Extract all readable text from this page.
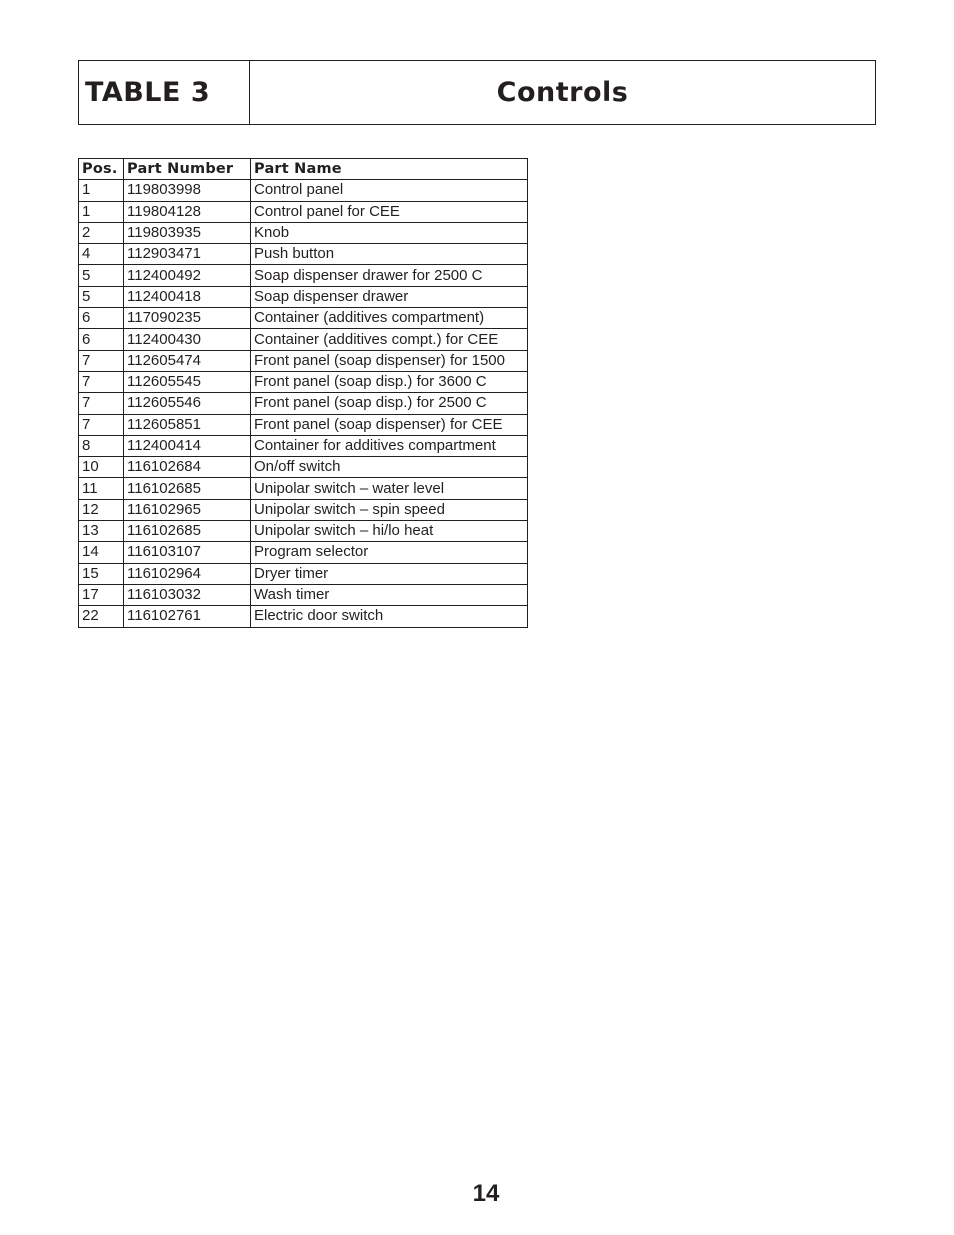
TABLE 3	Controls
Pos.	Part Number	Part Name
1	119803998	Control panel
1	119804128	Control panel for CEE
2	119803935	Knob
4	112903471	Push button
5	112400492	Soap dispenser drawer for 2500 C
5	112400418	Soap dispenser drawer
6	117090235	Container (additives compartment)
6	112400430	Container (additives compt.) for CEE
7	112605474	Front panel (soap dispenser) for 1500
7	112605545	Front panel (soap disp.) for 3600 C
7	112605546	Front panel (soap disp.) for 2500 C
7	112605851	Front panel (soap dispenser) for CEE
8	112400414	Container for additives compartment
10	116102684	On/off switch
11	116102685	Unipolar switch – water level
12	116102965	Unipolar switch – spin speed
13	116102685	Unipolar switch – hi/lo heat
14	116103107	Program selector
15	116102964	Dryer timer
17	116103032	Wash timer
22	116102761	Electric door switch
14
